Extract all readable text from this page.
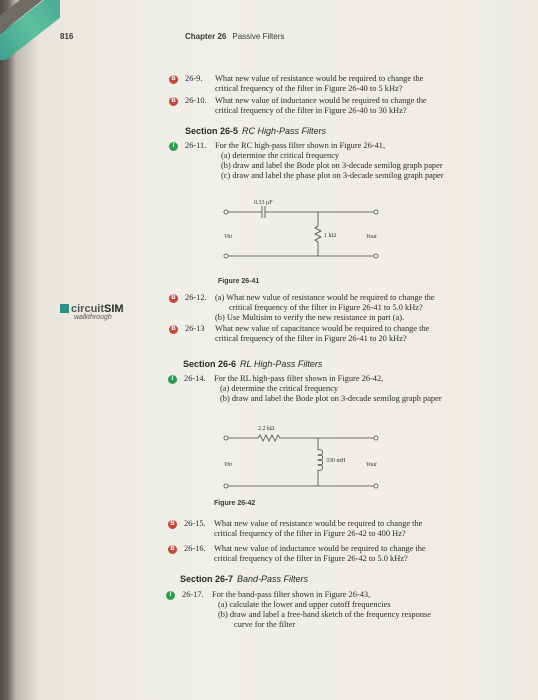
816	Chapter 26 Passive Filters
B 26-9. What new value of resistance would be required to change the
critical frequency of the filter in Figure 26-40 to 5 kHz?
B 26-10. What new value of inductance would be required to change the
critical frequency of the filter in Figure 26-40 to 30 kHz?
Section 26-5 RC High-Pass Filters
I	26-11. For the RC high-pass filter shown in Figure 26-41,
(a) determine the critical frequency
(b) draw and label the Bode plot on 3-decade semilog graph paper
(c) draw and label the phase plot on 3-decade semilog graph paper
0.33 μF
1 kΩ
Vin	Vout
Figure 26-41
circuitSIM
walkthrough
B 26-12. (a) What new value of resistance would be required to change the
critical frequency of the filter in Figure 26-41 to 5.0 kHz?
(b) Use Multisim to verify the new resistance in part (a).
B 26-13 What new value of capacitance would be required to change the
critical frequency of the filter in Figure 26-41 to 20 kHz?
Section 26-6 RL High-Pass Filters
I	26-14. For the RL high-pass filter shown in Figure 26-42,
(a) determine the critical frequency
(b) draw and label the Bode plot on 3-decade semilog graph paper
2.2 kΩ
330 mH
Vin	Vout
Figure 26-42
B 26-15. What new value of resistance would be required to change the
critical frequency of the filter in Figure 26-42 to 400 Hz?
B 26-16. What new value of inductance would be required to change the
critical frequency of the filter in Figure 26-42 to 5.0 kHz?
Section 26-7 Band-Pass Filters
I	26-17. For the band-pass filter shown in Figure 26-43,
(a) calculate the lower and upper cutoff frequencies
(b) draw and label a free-hand sketch of the frequency response
curve for the filter
